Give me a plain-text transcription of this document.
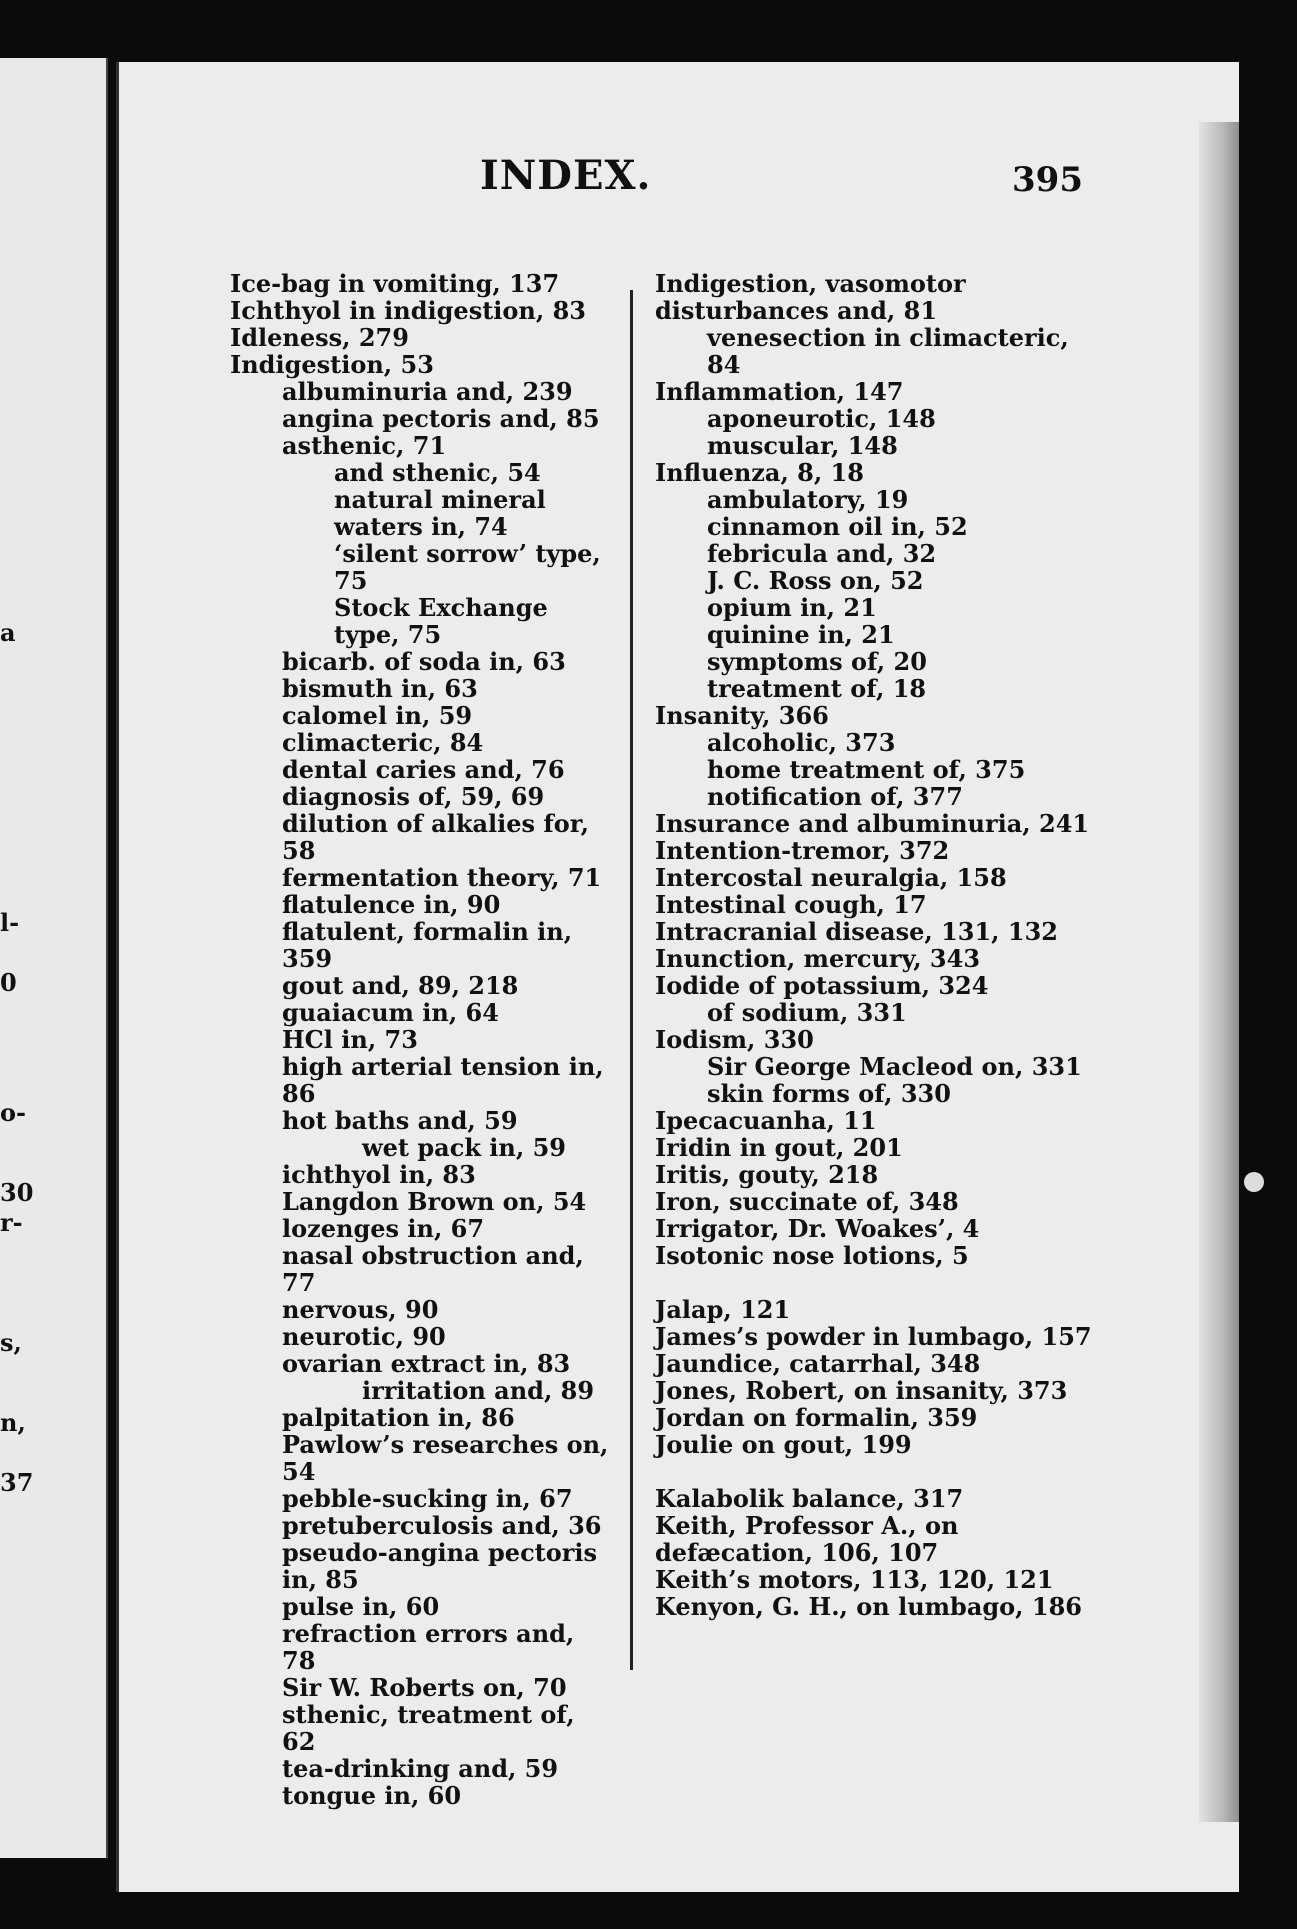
a
l-
0
o-
30
r-
s,
n,
37
INDEX.	395
Ice-bag in vomiting, 137
Ichthyol in indigestion, 83
Idleness, 279
Indigestion, 53
albuminuria and, 239
angina pectoris and, 85
asthenic, 71
and sthenic, 54
natural mineral waters in, 74
‘silent sorrow’ type, 75
Stock Exchange type, 75
bicarb. of soda in, 63
bismuth in, 63
calomel in, 59
climacteric, 84
dental caries and, 76
diagnosis of, 59, 69
dilution of alkalies for, 58
fermentation theory, 71
flatulence in, 90
flatulent, formalin in, 359
gout and, 89, 218
guaiacum in, 64
HCl in, 73
high arterial tension in, 86
hot baths and, 59
wet pack in, 59
ichthyol in, 83
Langdon Brown on, 54
lozenges in, 67
nasal obstruction and, 77
nervous, 90
neurotic, 90
ovarian extract in, 83
irritation and, 89
palpitation in, 86
Pawlow’s researches on, 54
pebble-sucking in, 67
pretuberculosis and, 36
pseudo-angina pectoris in, 85
pulse in, 60
refraction errors and, 78
Sir W. Roberts on, 70
sthenic, treatment of, 62
tea-drinking and, 59
tongue in, 60
Indigestion, vasomotor disturbances and, 81
venesection in climacteric, 84
Inflammation, 147
aponeurotic, 148
muscular, 148
Influenza, 8, 18
ambulatory, 19
cinnamon oil in, 52
febricula and, 32
J. C. Ross on, 52
opium in, 21
quinine in, 21
symptoms of, 20
treatment of, 18
Insanity, 366
alcoholic, 373
home treatment of, 375
notification of, 377
Insurance and albuminuria, 241
Intention-tremor, 372
Intercostal neuralgia, 158
Intestinal cough, 17
Intracranial disease, 131, 132
Inunction, mercury, 343
Iodide of potassium, 324
of sodium, 331
Iodism, 330
Sir George Macleod on, 331
skin forms of, 330
Ipecacuanha, 11
Iridin in gout, 201
Iritis, gouty, 218
Iron, succinate of, 348
Irrigator, Dr. Woakes’, 4
Isotonic nose lotions, 5
Jalap, 121
James’s powder in lumbago, 157
Jaundice, catarrhal, 348
Jones, Robert, on insanity, 373
Jordan on formalin, 359
Joulie on gout, 199
Kalabolik balance, 317
Keith, Professor A., on defæcation, 106, 107
Keith’s motors, 113, 120, 121
Kenyon, G. H., on lumbago, 186
